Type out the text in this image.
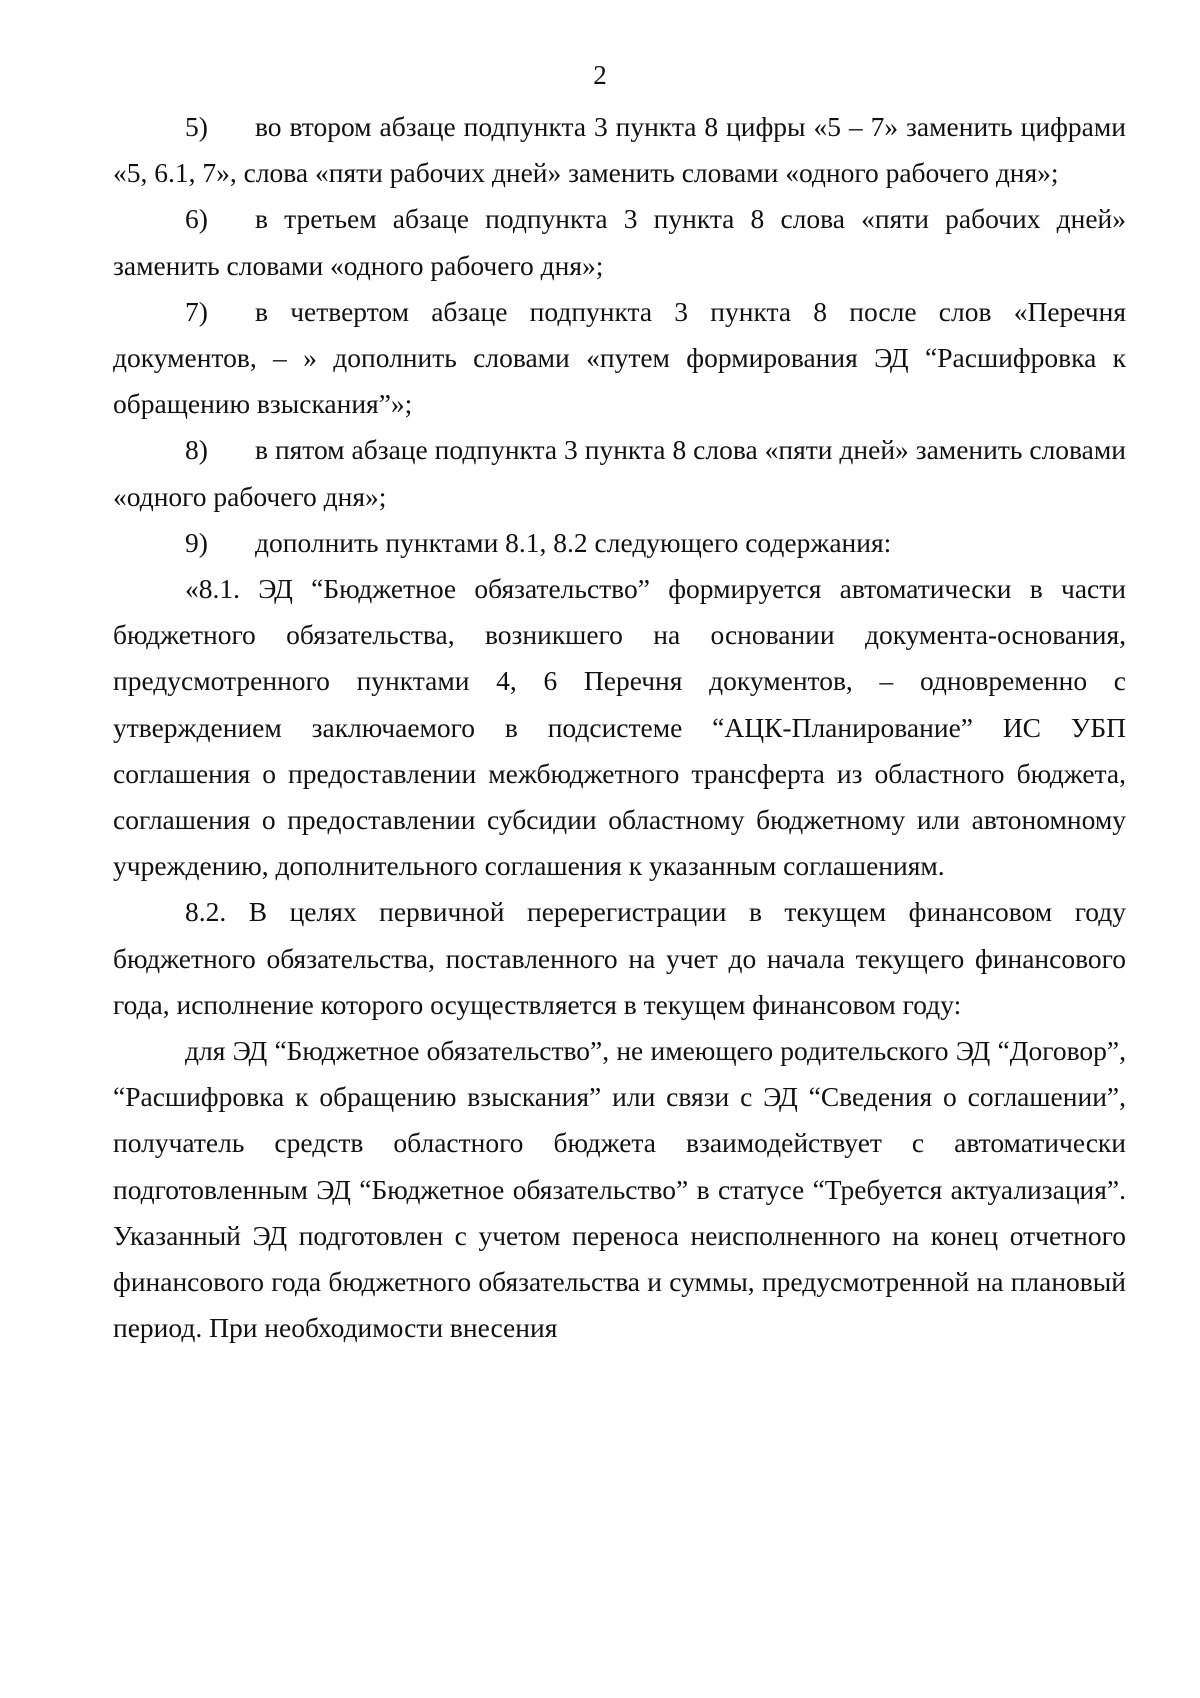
2

5) во втором абзаце подпункта 3 пункта 8 цифры «5 – 7» заменить цифрами «5, 6.1, 7», слова «пяти рабочих дней» заменить словами «одного рабочего дня»;

6) в третьем абзаце подпункта 3 пункта 8 слова «пяти рабочих дней» заменить словами «одного рабочего дня»;

7) в четвертом абзаце подпункта 3 пункта 8 после слов «Перечня документов, – » дополнить словами «путем формирования ЭД “Расшифровка к обращению взыскания”»;

8) в пятом абзаце подпункта 3 пункта 8 слова «пяти дней» заменить словами «одного рабочего дня»;

9) дополнить пунктами 8.1, 8.2 следующего содержания:

«8.1. ЭД “Бюджетное обязательство” формируется автоматически в части бюджетного обязательства, возникшего на основании документа-основания, предусмотренного пунктами 4, 6 Перечня документов, – одновременно с утверждением заключаемого в подсистеме “АЦК-Планирование” ИС УБП соглашения о предоставлении межбюджетного трансферта из областного бюджета, соглашения о предоставлении субсидии областному бюджетному или автономному учреждению, дополнительного соглашения к указанным соглашениям.

8.2. В целях первичной перерегистрации в текущем финансовом году бюджетного обязательства, поставленного на учет до начала текущего финансового года, исполнение которого осуществляется в текущем финансовом году:

для ЭД “Бюджетное обязательство”, не имеющего родительского ЭД “Договор”, “Расшифровка к обращению взыскания” или связи с ЭД “Сведения о соглашении”, получатель средств областного бюджета взаимодействует с автоматически подготовленным ЭД “Бюджетное обязательство” в статусе “Требуется актуализация”. Указанный ЭД подготовлен с учетом переноса неисполненного на конец отчетного финансового года бюджетного обязательства и суммы, предусмотренной на плановый период. При необходимости внесения
